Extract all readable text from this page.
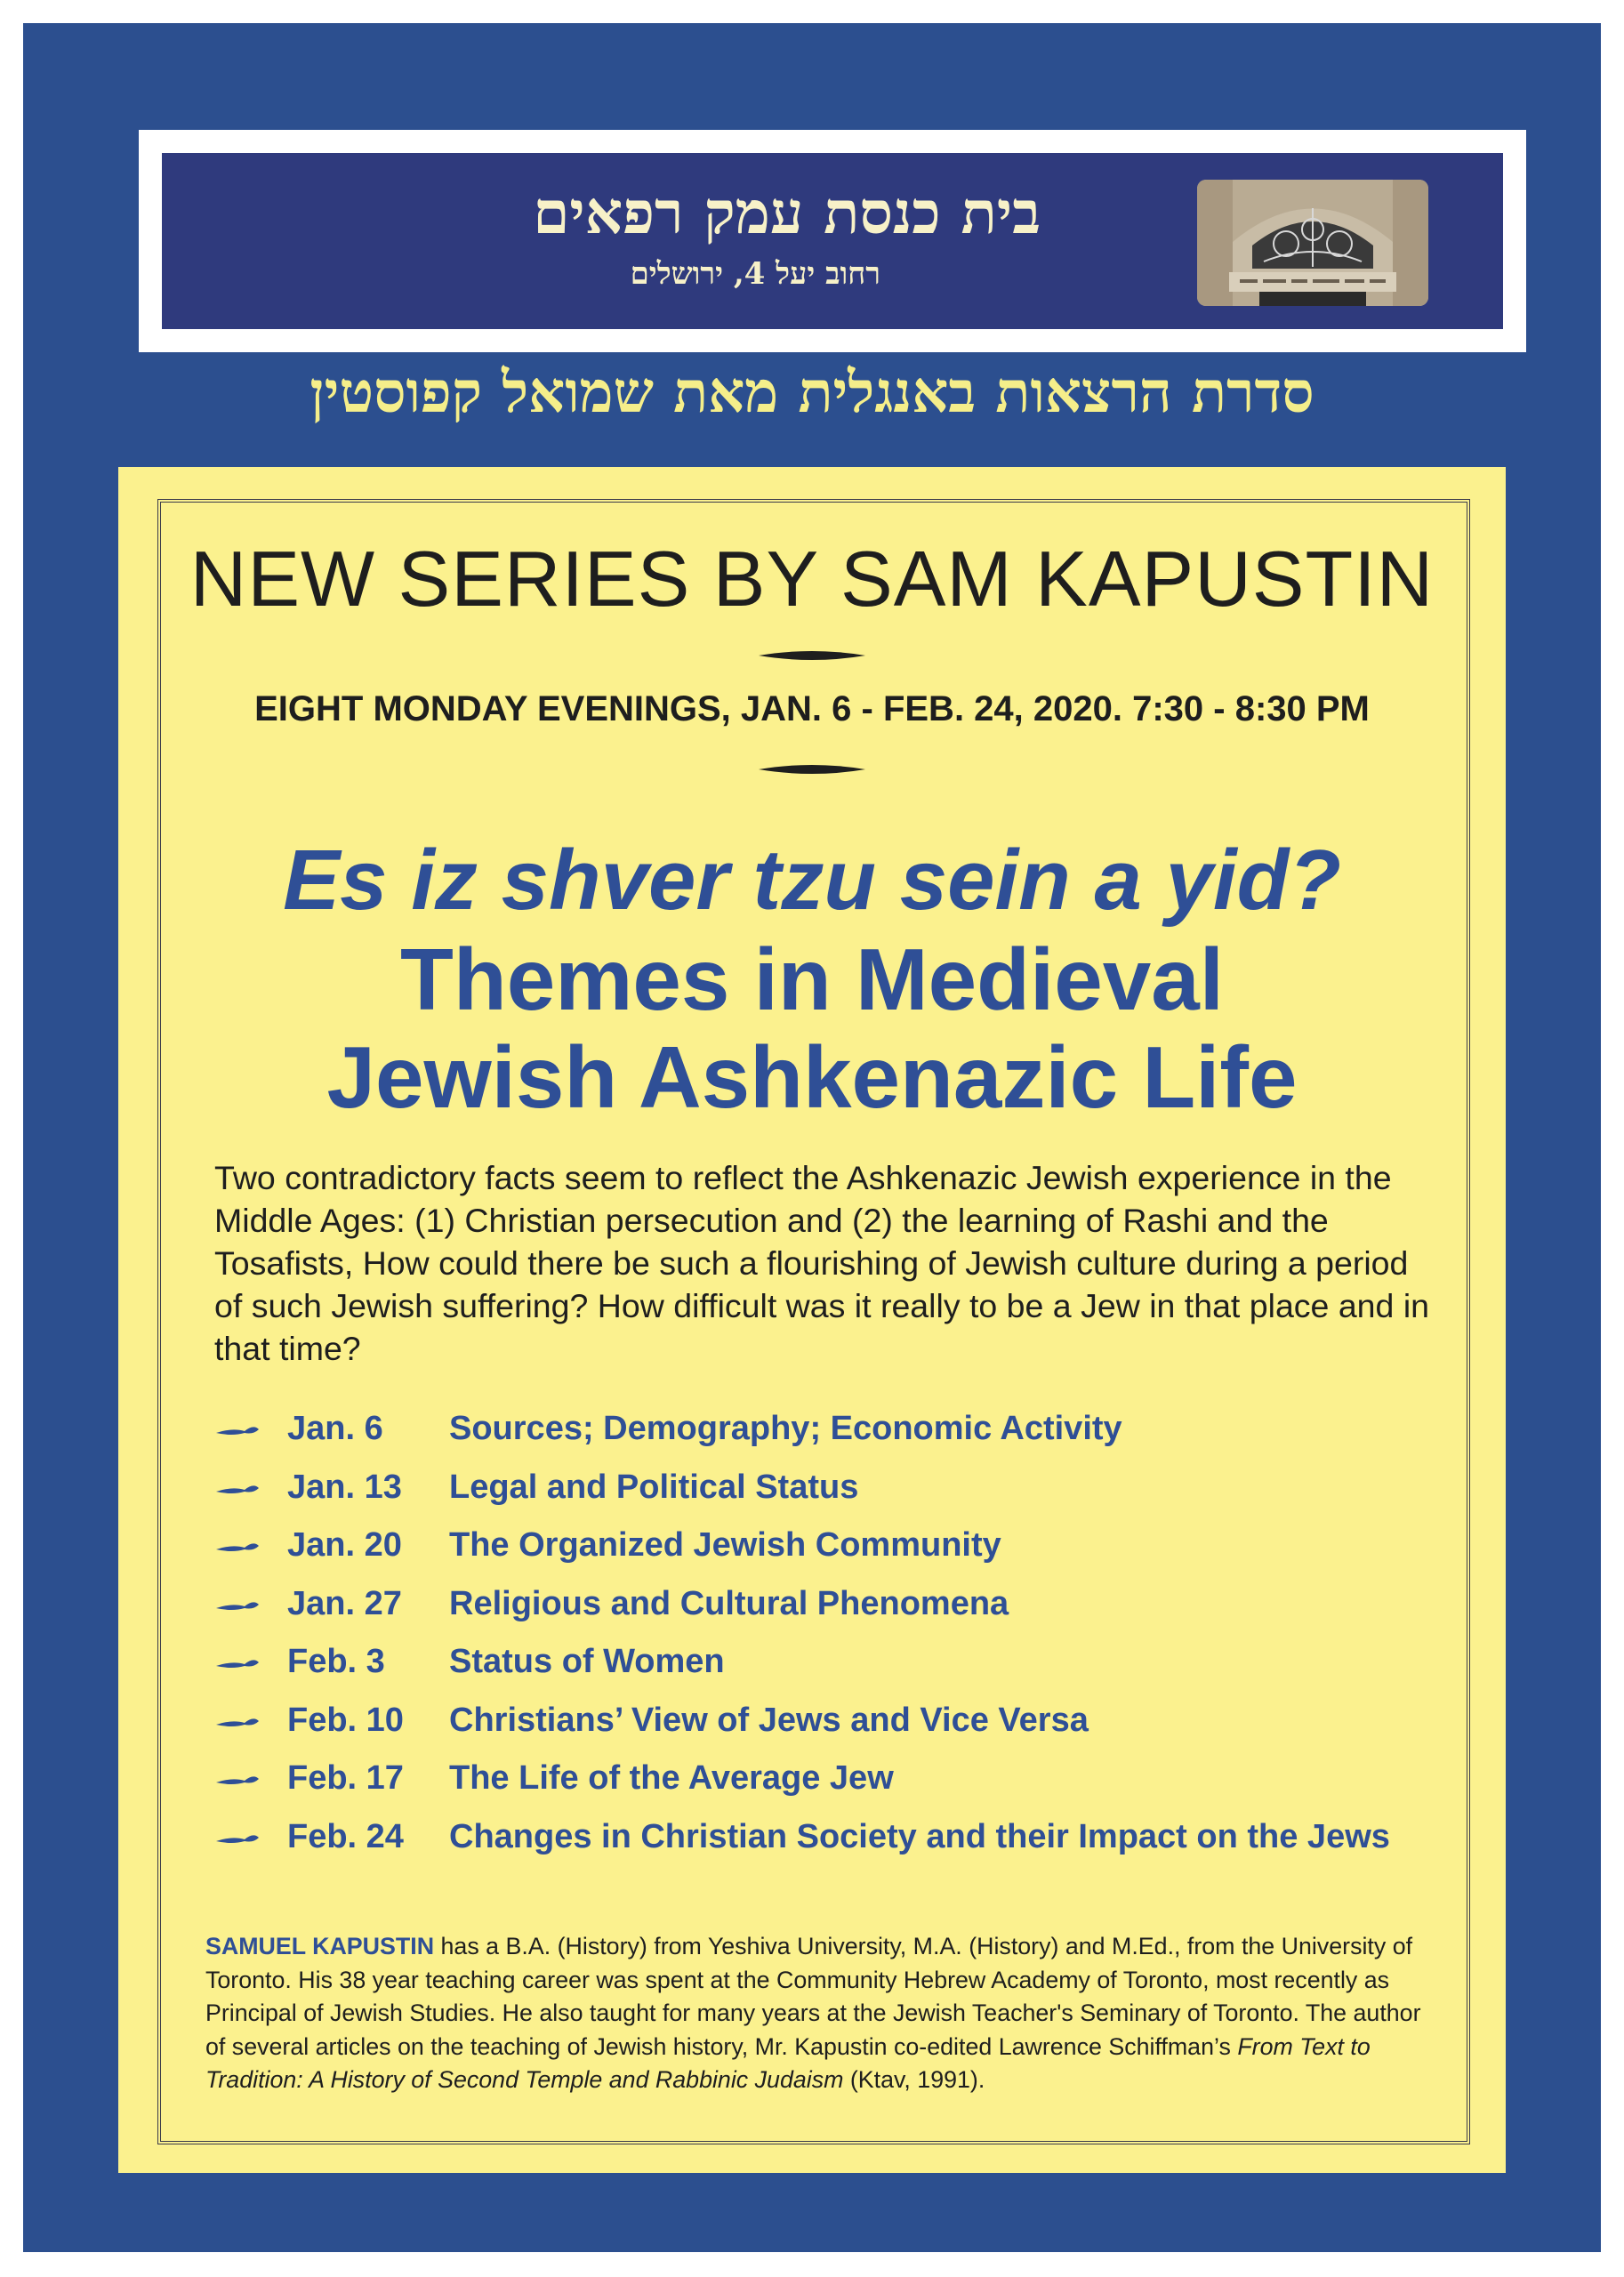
בית כנסת עמק רפאים
רחוב יעל 4, ירושלים
סדרת הרצאות באנגלית מאת שמואל קפוסטין
NEW SERIES BY SAM KAPUSTIN
EIGHT MONDAY EVENINGS, JAN. 6 - FEB. 24, 2020. 7:30 - 8:30 PM
Es iz shver tzu sein a yid?
Themes in Medieval
Jewish Ashkenazic Life
Two contradictory facts seem to reflect the Ashkenazic Jewish experience in the Middle Ages: (1) Christian persecution and (2) the learning of Rashi and the Tosafists, How could there be such a flourishing of Jewish culture during a period of such Jewish suffering? How difficult was it really to be a Jew in that place and in that time?
Jan. 6 Sources; Demography; Economic Activity
Jan. 13 Legal and Political Status
Jan. 20 The Organized Jewish Community
Jan. 27 Religious and Cultural Phenomena
Feb. 3 Status of Women
Feb. 10 Christians’ View of Jews and Vice Versa
Feb. 17 The Life of the Average Jew
Feb. 24 Changes in Christian Society and their Impact on the Jews
SAMUEL KAPUSTIN has a B.A. (History) from Yeshiva University, M.A. (History) and M.Ed., from the University of Toronto. His 38 year teaching career was spent at the Community Hebrew Academy of Toronto, most recently as Principal of Jewish Studies. He also taught for many years at the Jewish Teacher's Seminary of Toronto. The author of several articles on the teaching of Jewish history, Mr. Kapustin co-edited Lawrence Schiffman’s From Text to Tradition: A History of Second Temple and Rabbinic Judaism (Ktav, 1991).
